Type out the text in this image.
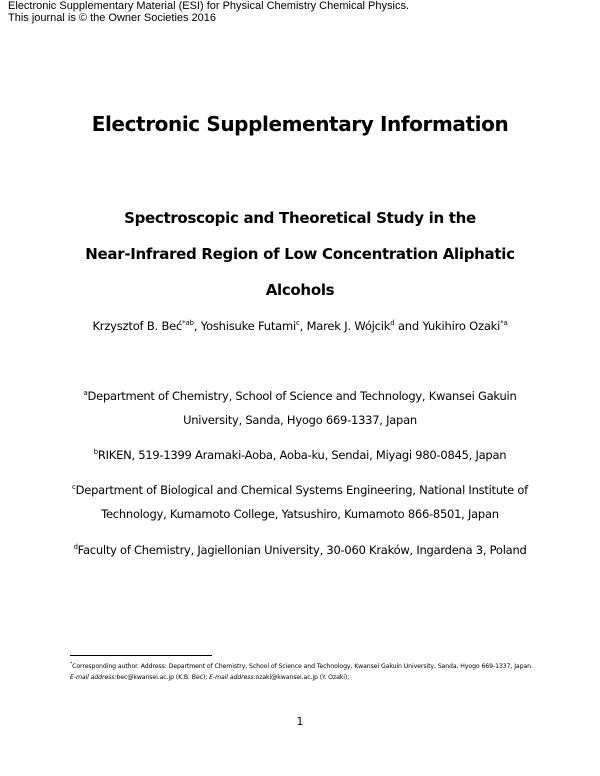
Electronic Supplementary Material (ESI) for Physical Chemistry Chemical Physics.
This journal is © the Owner Societies 2016
Electronic Supplementary Information
Spectroscopic and Theoretical Study in the
Near-Infrared Region of Low Concentration Aliphatic
Alcohols
Krzysztof B. Beć$^{*ab}$, Yoshisuke Futami$^c$, Marek J. Wójcik$^d$ and Yukihiro Ozaki$^{*a}$
$^a$Department of Chemistry, School of Science and Technology, Kwansei Gakuin
University, Sanda, Hyogo 669-1337, Japan
$^b$RIKEN, 519-1399 Aramaki-Aoba, Aoba-ku, Sendai, Miyagi 980-0845, Japan
$^c$Department of Biological and Chemical Systems Engineering, National Institute of
Technology, Kumamoto College, Yatsushiro, Kumamoto 866-8501, Japan
$^d$Faculty of Chemistry, Jagiellonian University, 30-060 Kraków, Ingardena 3, Poland
*Corresponding author. Address: Department of Chemistry, School of Science and Technology, Kwansei Gakuin University, Sanda, Hyogo 669-1337, Japan. E-mail address:bec@kwansei.ac.jp (K.B. Beć); E-mail address:ozaki@kwansei.ac.jp (Y. Ozaki);
1
